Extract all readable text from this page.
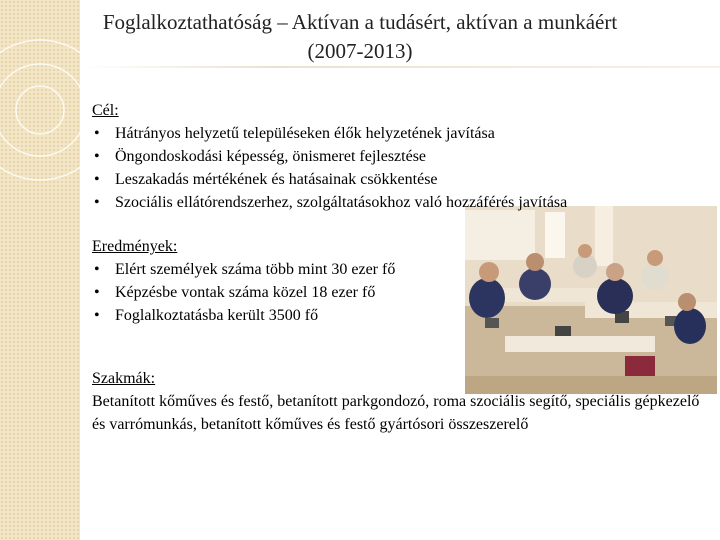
Foglalkoztathatóság – Aktívan a tudásért, aktívan a munkáért
(2007-2013)
Cél:
• Hátrányos helyzetű településeken élők helyzetének javítása
• Öngondoskodási képesség, önismeret fejlesztése
• Leszakadás mértékének és hatásainak csökkentése
• Szociális ellátórendszerhez, szolgáltatásokhoz való hozzáférés javítása
Eredmények:
• Elért személyek száma több mint 30 ezer fő
• Képzésbe vontak száma közel 18 ezer fő
• Foglalkoztatásba került 3500 fő
Szakmák:
Betanított kőműves és festő, betanított parkgondozó, roma szociális segítő, speciális gépkezelő és varrómunkás, betanított kőműves és festő gyártósori összeszerelő
